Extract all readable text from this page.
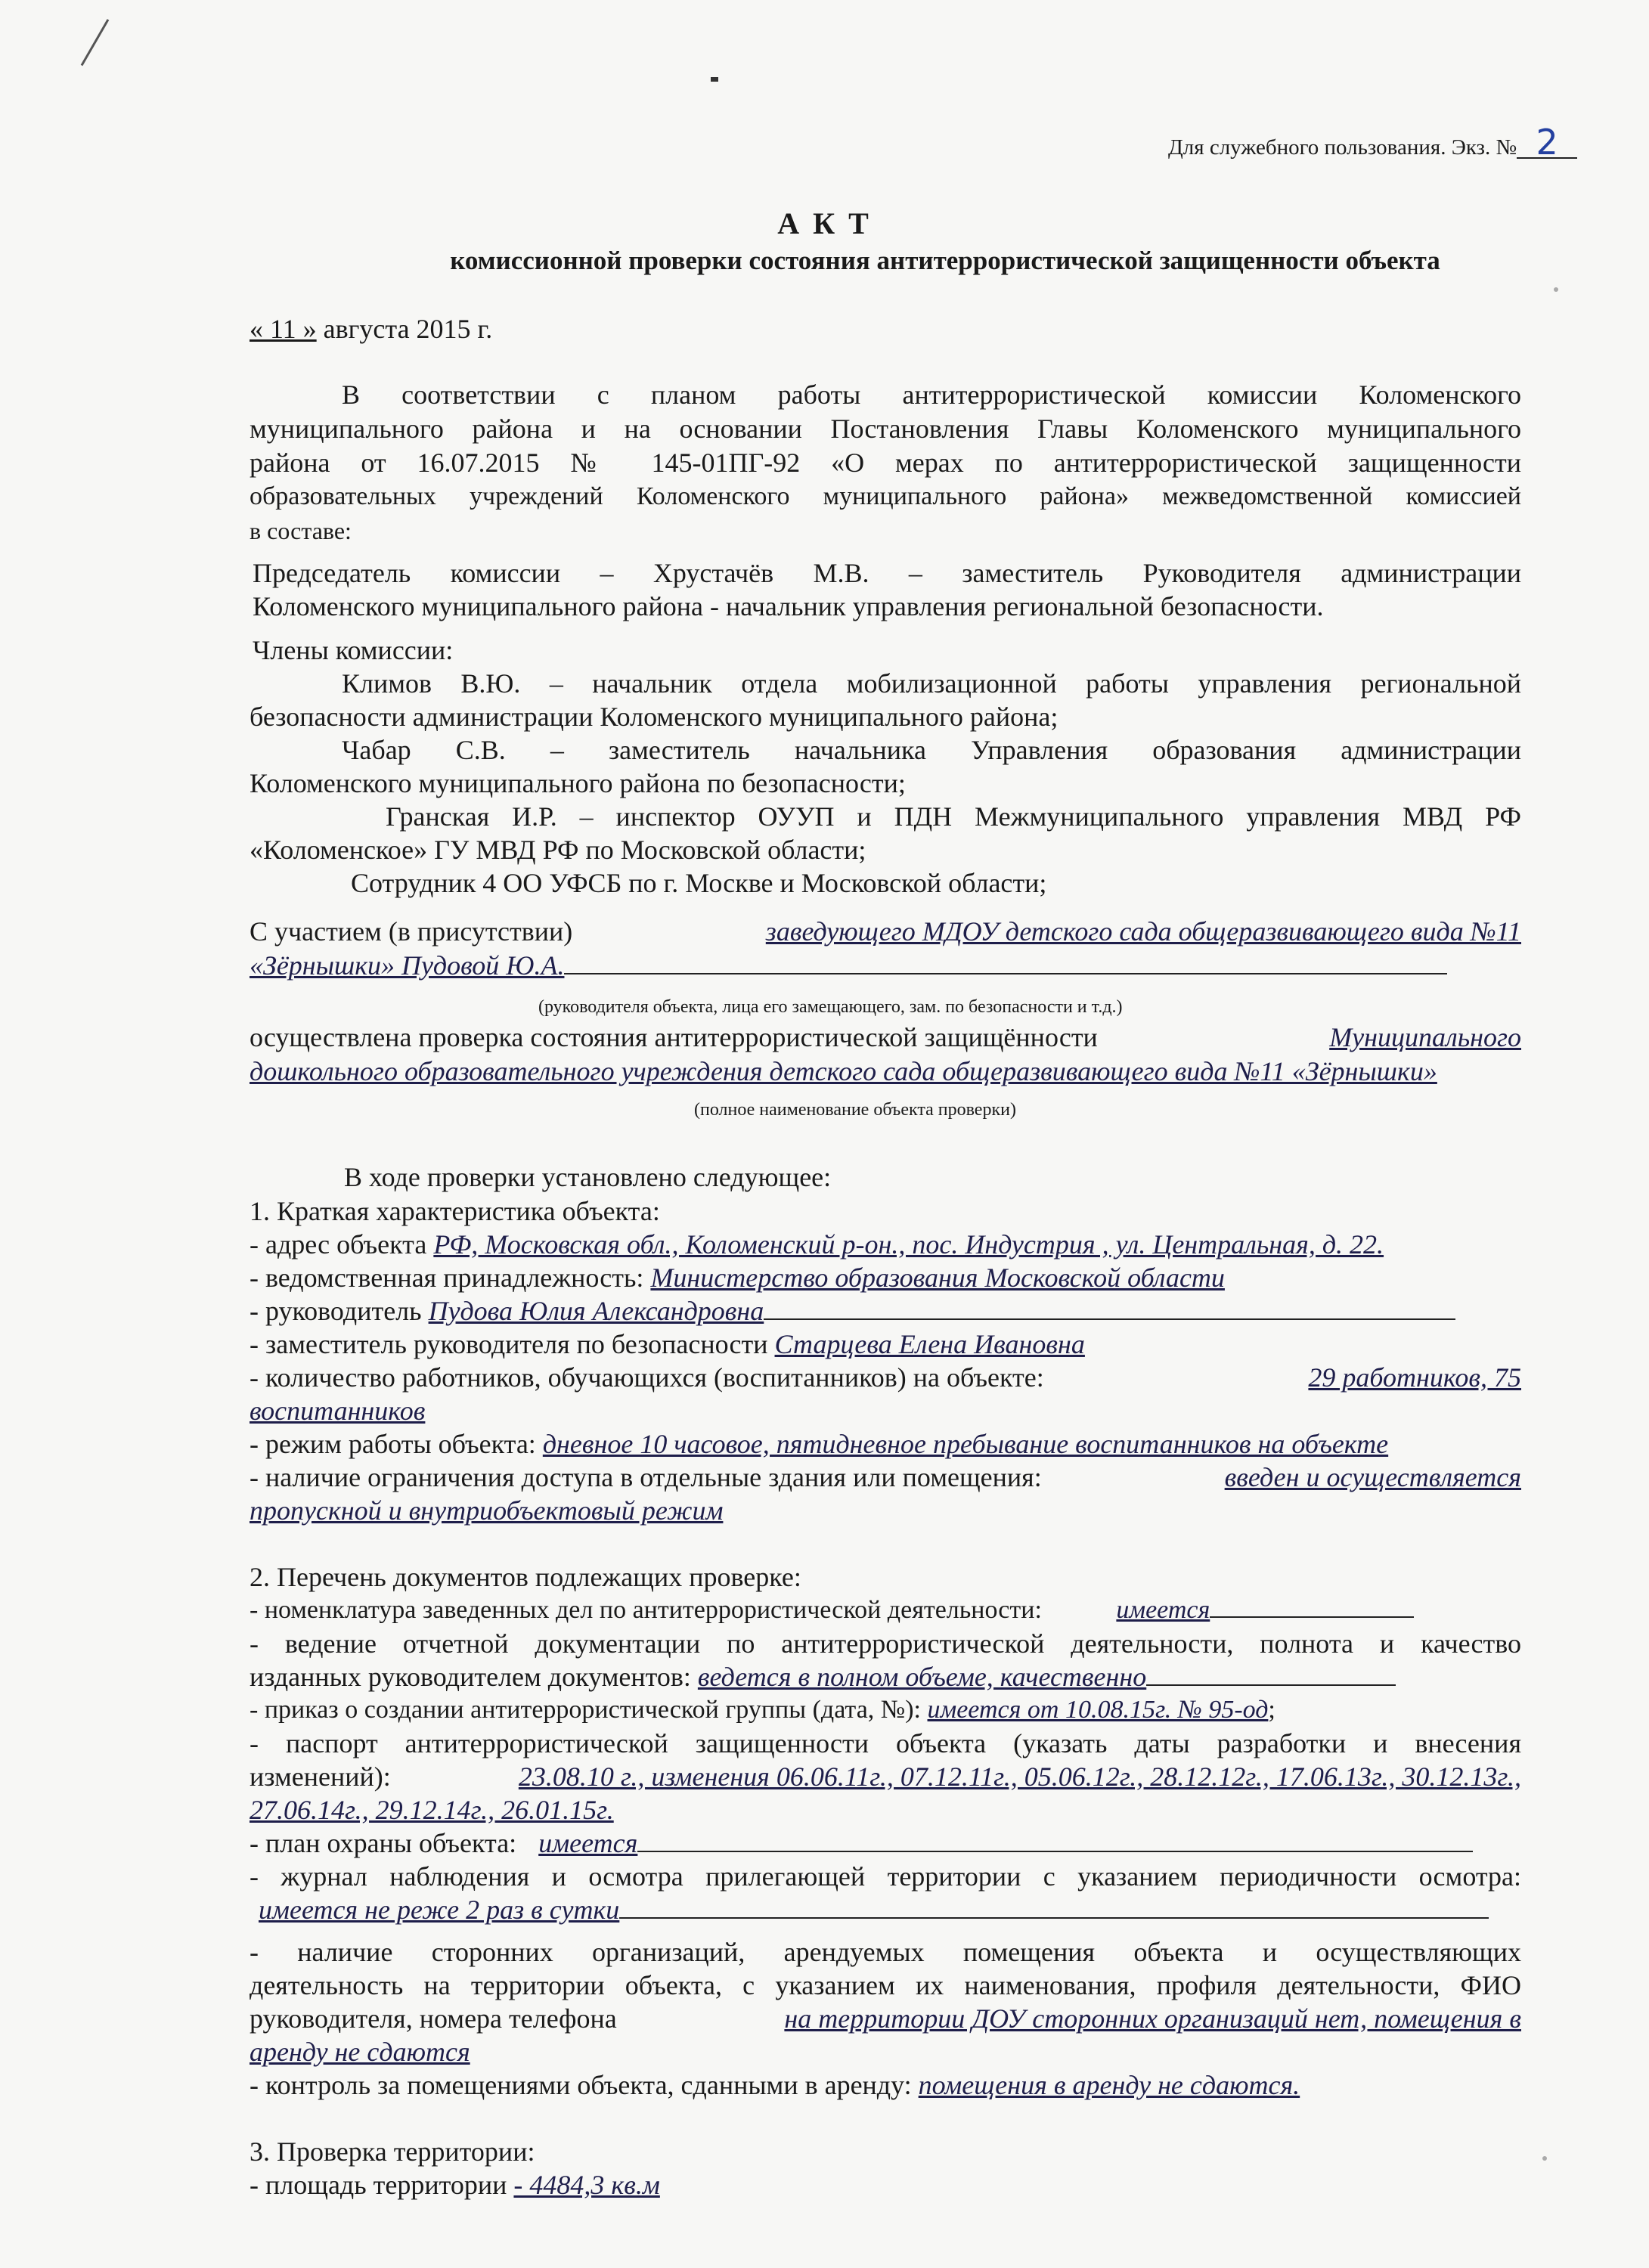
Для служебного пользования. Экз. № 2
А К Т
комиссионной проверки состояния антитеррористической защищенности объекта
« 11 » августа 2015 г.
В соответствии с планом работы антитеррористической комиссии Коломенского
муниципального района и на основании Постановления Главы Коломенского муниципального
района от 16.07.2015 № 145-01ПГ-92 «О мерах по антитеррористической защищенности
образовательных учреждений Коломенского муниципального района» межведомственной комиссией
в составе:
Председатель комиссии – Хрустачёв М.В. – заместитель Руководителя администрации
Коломенского муниципального района - начальник управления региональной безопасности.
Члены комиссии:
Климов В.Ю. – начальник отдела мобилизационной работы управления региональной
безопасности администрации Коломенского муниципального района;
Чабар С.В. – заместитель начальника Управления образования администрации
Коломенского муниципального района по безопасности;
Гранская И.Р. – инспектор ОУУП и ПДН Межмуниципального управления МВД РФ
«Коломенское» ГУ МВД РФ по Московской области;
Сотрудник 4 ОО УФСБ по г. Москве и Московской области;
С участием (в присутствии)	заведующего МДОУ детского сада общеразвивающего вида №11
«Зёрнышки» Пудовой Ю.А.
(руководителя объекта, лица его замещающего, зам. по безопасности и т.д.)
осуществлена проверка состояния антитеррористической защищённости	Муниципального
дошкольного образовательного учреждения детского сада общеразвивающего вида №11 «Зёрнышки»
(полное наименование объекта проверки)
В ходе проверки установлено следующее:
1. Краткая характеристика объекта:
- адрес объекта РФ, Московская обл., Коломенский р-он., пос. Индустрия , ул. Центральная, д. 22.
- ведомственная принадлежность: Министерство образования Московской области
- руководитель Пудова Юлия Александровна
- заместитель руководителя по безопасности Старцева Елена Ивановна
- количество работников, обучающихся (воспитанников) на объекте:	29 работников, 75
воспитанников
- режим работы объекта: дневное 10 часовое, пятидневное пребывание воспитанников на объекте
- наличие ограничения доступа в отдельные здания или помещения:	введен и осуществляется
пропускной и внутриобъектовый режим
2. Перечень документов подлежащих проверке:
- номенклатура заведенных дел по антитеррористической деятельности:	имеется
- ведение отчетной документации по антитеррористической деятельности, полнота и качество
изданных руководителем документов: ведется в полном объеме, качественно
- приказ о создании антитеррористической группы (дата, №): имеется от 10.08.15г. № 95-од;
- паспорт антитеррористической защищенности объекта (указать даты разработки и внесения
изменений):	23.08.10 г., изменения 06.06.11г., 07.12.11г., 05.06.12г., 28.12.12г., 17.06.13г., 30.12.13г.,
27.06.14г., 29.12.14г., 26.01.15г.
- план охраны объекта: имеется
- журнал наблюдения и осмотра прилегающей территории с указанием периодичности осмотра:
имеется не реже 2 раз в сутки
- наличие сторонних организаций, арендуемых помещения объекта и осуществляющих
деятельность на территории объекта, с указанием их наименования, профиля деятельности, ФИО
руководителя, номера телефона	на территории ДОУ сторонних организаций нет, помещения в
аренду не сдаются
- контроль за помещениями объекта, сданными в аренду: помещения в аренду не сдаются.
3. Проверка территории:
- площадь территории - 4484,3 кв.м
